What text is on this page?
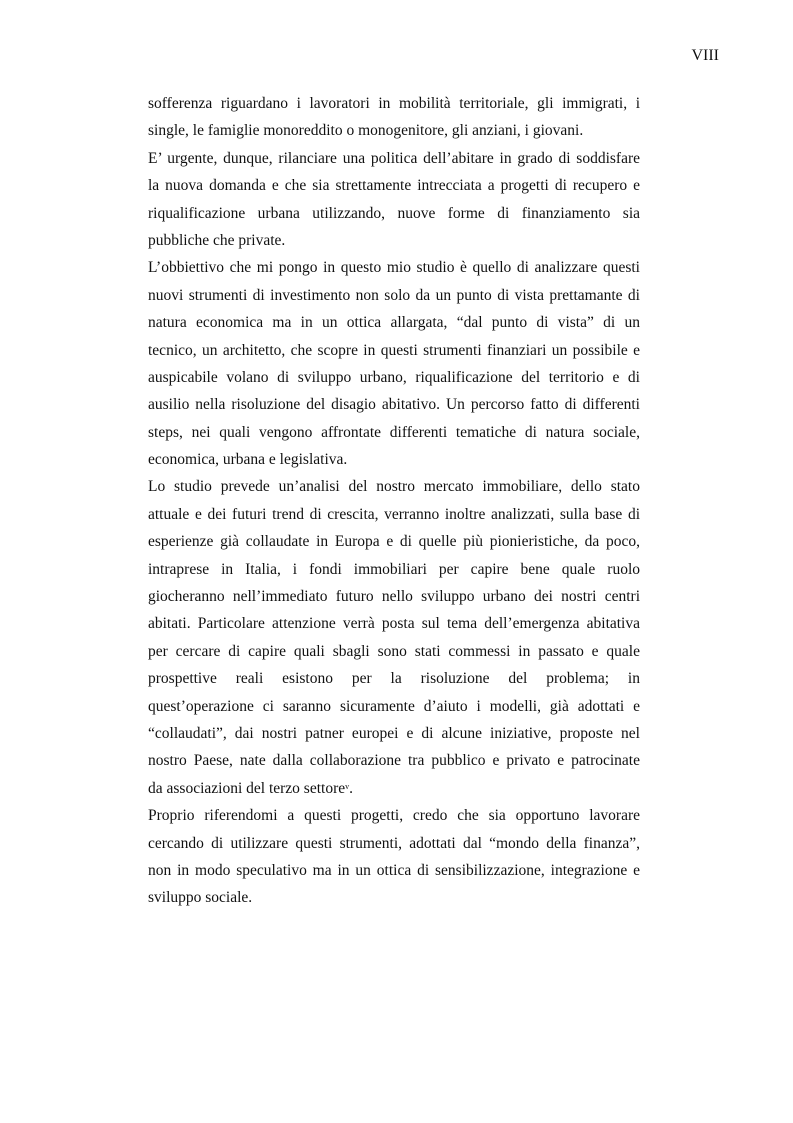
VIII

sofferenza riguardano i lavoratori in mobilità territoriale, gli immigrati, i
single, le famiglie monoreddito o monogenitore, gli anziani, i giovani.

E’ urgente, dunque, rilanciare una politica dell’abitare in grado di soddisfare
la nuova domanda e che sia strettamente intrecciata a progetti di recupero e
riqualificazione urbana utilizzando, nuove forme di finanziamento sia
pubbliche che private.

L’obbiettivo che mi pongo in questo mio studio è quello di analizzare questi
nuovi strumenti di investimento non solo da un punto di vista prettamante di
natura economica ma in un ottica allargata, “dal punto di vista” di un
tecnico, un architetto, che scopre in questi strumenti finanziari un possibile e
auspicabile volano di sviluppo urbano, riqualificazione del territorio e di
ausilio nella risoluzione del disagio abitativo. Un percorso fatto di differenti
steps, nei quali vengono affrontate differenti tematiche di natura sociale,
economica, urbana e legislativa.

Lo studio prevede un’analisi del nostro mercato immobiliare, dello stato
attuale e dei futuri trend di crescita, verranno inoltre analizzati, sulla base di
esperienze già collaudate in Europa e di quelle più pionieristiche, da poco,
intraprese in Italia, i fondi immobiliari per capire bene quale ruolo
giocheranno nell’immediato futuro nello sviluppo urbano dei nostri centri
abitati. Particolare attenzione verrà posta sul tema dell’emergenza abitativa
per cercare di capire quali sbagli sono stati commessi in passato e quale
prospettive reali esistono per la risoluzione del problema; in
quest’operazione ci saranno sicuramente d’aiuto i modelli, già adottati e
“collaudati”, dai nostri patner europei e di alcune iniziative, proposte nel
nostro Paese, nate dalla collaborazione tra pubblico e privato e patrocinate
da associazioni del terzo settore$^v$.

Proprio riferendomi a questi progetti, credo che sia opportuno lavorare
cercando di utilizzare questi strumenti, adottati dal “mondo della finanza”,
non in modo speculativo ma in un ottica di sensibilizzazione, integrazione e
sviluppo sociale.
